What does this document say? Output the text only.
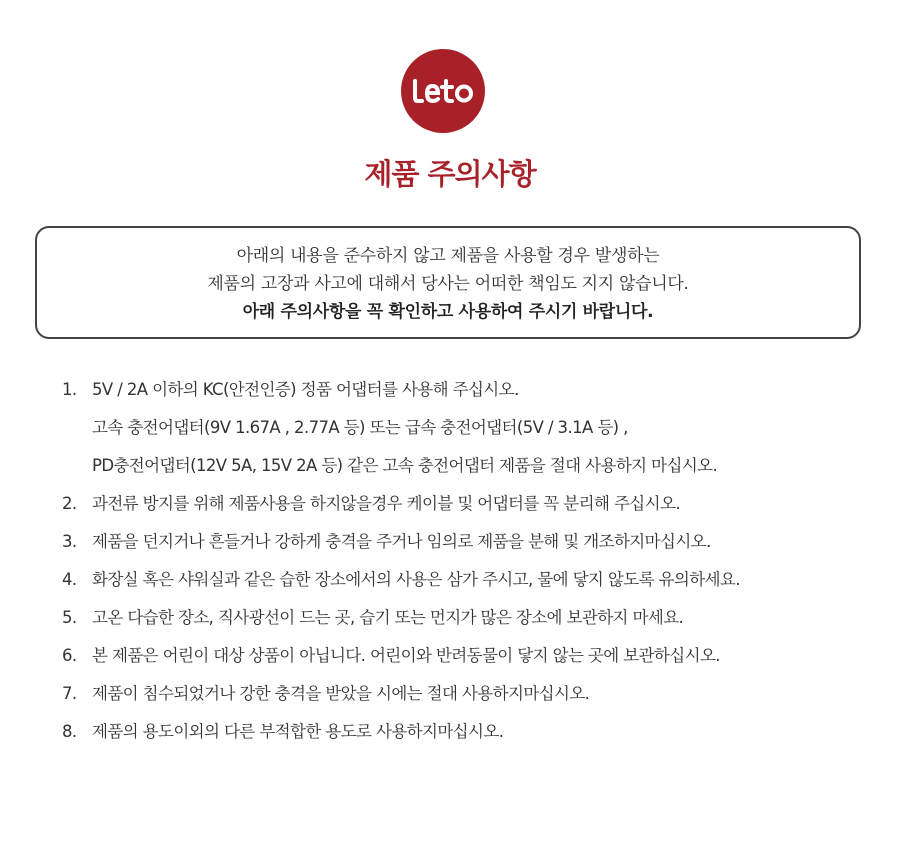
제품 주의사항
아래의 내용을 준수하지 않고 제품을 사용할 경우 발생하는
제품의 고장과 사고에 대해서 당사는 어떠한 책임도 지지 않습니다.
아래 주의사항을 꼭 확인하고 사용하여 주시기 바랍니다.
1. 5V / 2A 이하의 KC(안전인증) 정품 어댑터를 사용해 주십시오.
고속 충전어댑터(9V 1.67A , 2.77A 등) 또는 급속 충전어댑터(5V / 3.1A 등) ,
PD충전어댑터(12V 5A, 15V 2A 등) 같은 고속 충전어댑터 제품을 절대 사용하지 마십시오.
2. 과전류 방지를 위해 제품사용을 하지않을경우 케이블 및 어댑터를 꼭 분리해 주십시오.
3. 제품을 던지거나 흔들거나 강하게 충격을 주거나 임의로 제품을 분해 및 개조하지마십시오.
4. 화장실 혹은 샤워실과 같은 습한 장소에서의 사용은 삼가 주시고, 물에 닿지 않도록 유의하세요.
5. 고온 다습한 장소, 직사광선이 드는 곳, 습기 또는 먼지가 많은 장소에 보관하지 마세요.
6. 본 제품은 어린이 대상 상품이 아닙니다. 어린이와 반려동물이 닿지 않는 곳에 보관하십시오.
7. 제품이 침수되었거나 강한 충격을 받았을 시에는 절대 사용하지마십시오.
8. 제품의 용도이외의 다른 부적합한 용도로 사용하지마십시오.
